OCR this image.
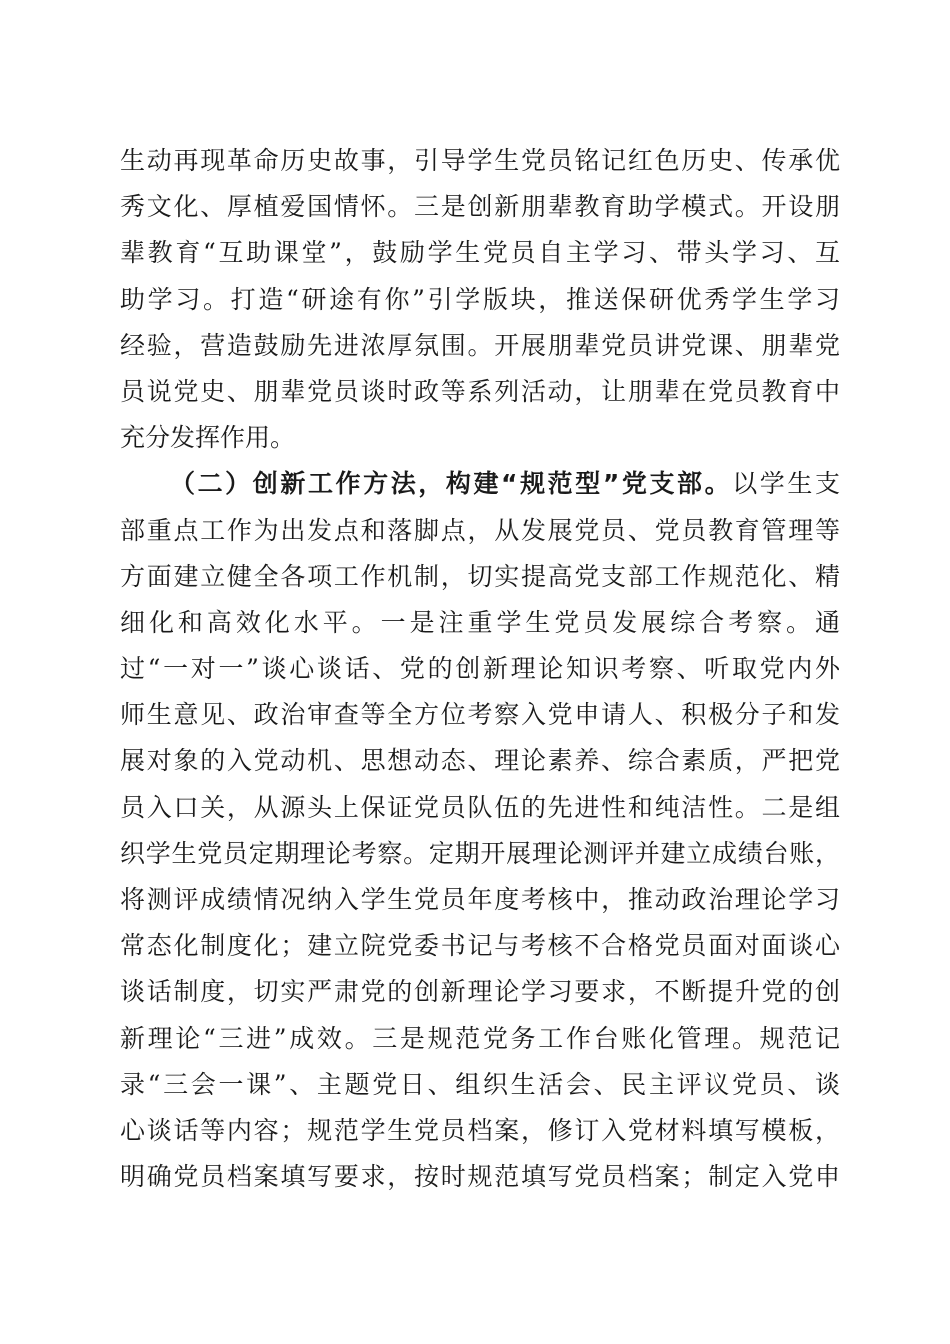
生动再现革命历史故事，引导学生党员铭记红色历史、传承优
秀文化、厚植爱国情怀。三是创新朋辈教育助学模式。开设朋
辈教育“互助课堂”，鼓励学生党员自主学习、带头学习、互
助学习。打造“研途有你”引学版块，推送保研优秀学生学习
经验，营造鼓励先进浓厚氛围。开展朋辈党员讲党课、朋辈党
员说党史、朋辈党员谈时政等系列活动，让朋辈在党员教育中
充分发挥作用。
（二）创新工作方法，构建“规范型”党支部。以学生支
部重点工作为出发点和落脚点，从发展党员、党员教育管理等
方面建立健全各项工作机制，切实提高党支部工作规范化、精
细化和高效化水平。一是注重学生党员发展综合考察。通
过“一对一”谈心谈话、党的创新理论知识考察、听取党内外
师生意见、政治审查等全方位考察入党申请人、积极分子和发
展对象的入党动机、思想动态、理论素养、综合素质，严把党
员入口关，从源头上保证党员队伍的先进性和纯洁性。二是组
织学生党员定期理论考察。定期开展理论测评并建立成绩台账，
将测评成绩情况纳入学生党员年度考核中，推动政治理论学习
常态化制度化；建立院党委书记与考核不合格党员面对面谈心
谈话制度，切实严肃党的创新理论学习要求，不断提升党的创
新理论“三进”成效。三是规范党务工作台账化管理。规范记
录“三会一课”、主题党日、组织生活会、民主评议党员、谈
心谈话等内容；规范学生党员档案，修订入党材料填写模板，
明确党员档案填写要求，按时规范填写党员档案；制定入党申
